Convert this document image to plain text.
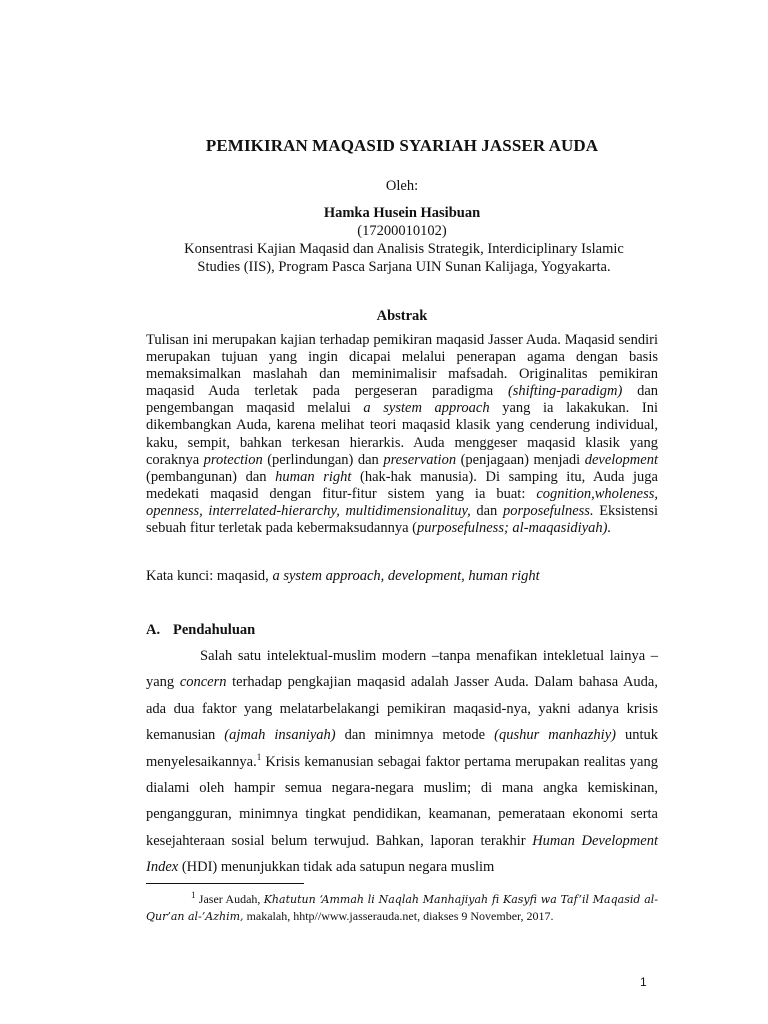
PEMIKIRAN MAQASID SYARIAH JASSER AUDA
Oleh:
Hamka Husein Hasibuan
(17200010102)
Konsentrasi Kajian Maqasid dan Analisis Strategik, Interdiciplinary Islamic
Studies (IIS), Program Pasca Sarjana UIN Sunan Kalijaga, Yogyakarta.
Abstrak

Tulisan ini merupakan kajian terhadap pemikiran maqasid Jasser Auda. Maqasid sendiri merupakan tujuan yang ingin dicapai melalui penerapan agama dengan basis memaksimalkan maslahah dan meminimalisir mafsadah. Originalitas pemikiran maqasid Auda terletak pada pergeseran paradigma (shifting-paradigm) dan pengembangan maqasid melalui a system approach yang ia lakakukan. Ini dikembangkan Auda, karena melihat teori maqasid klasik yang cenderung individual, kaku, sempit, bahkan terkesan hierarkis. Auda menggeser maqasid klasik yang coraknya protection (perlindungan) dan preservation (penjagaan) menjadi development (pembangunan) dan human right (hak-hak manusia). Di samping itu, Auda juga medekati maqasid dengan fitur-fitur sistem yang ia buat: cognition,wholeness, openness, interrelated-hierarchy, multidimensionalituy, dan porposefulness. Eksistensi sebuah fitur terletak pada kebermaksudannya (purposefulness; al-maqasidiyah).

Kata kunci: maqasid, a system approach, development, human right
A. Pendahuluan

Salah satu intelektual-muslim modern –tanpa menafikan intekletual lainya –yang concern terhadap pengkajian maqasid adalah Jasser Auda. Dalam bahasa Auda, ada dua faktor yang melatarbelakangi pemikiran maqasid-nya, yakni adanya krisis kemanusian (ajmah insaniyah) dan minimnya metode (qushur manhazhiy) untuk menyelesaikannya.$^1$ Krisis kemanusian sebagai faktor pertama merupakan realitas yang dialami oleh hampir semua negara-negara muslim; di mana angka kemiskinan, pengangguran, minimnya tingkat pendidikan, keamanan, pemerataan ekonomi serta kesejahteraan sosial belum terwujud. Bahkan, laporan terakhir Human Development Index (HDI) menunjukkan tidak ada satupun negara muslim

$^1$ Jaser Audah, Khatutun ‘Ammah li Naqlah Manhajiyah fi Kasyfi wa Taf’il Maqasid al-Qur’an al-’Azhim, makalah, hhtp//www.jasserauda.net, diakses 9 November, 2017.

1
